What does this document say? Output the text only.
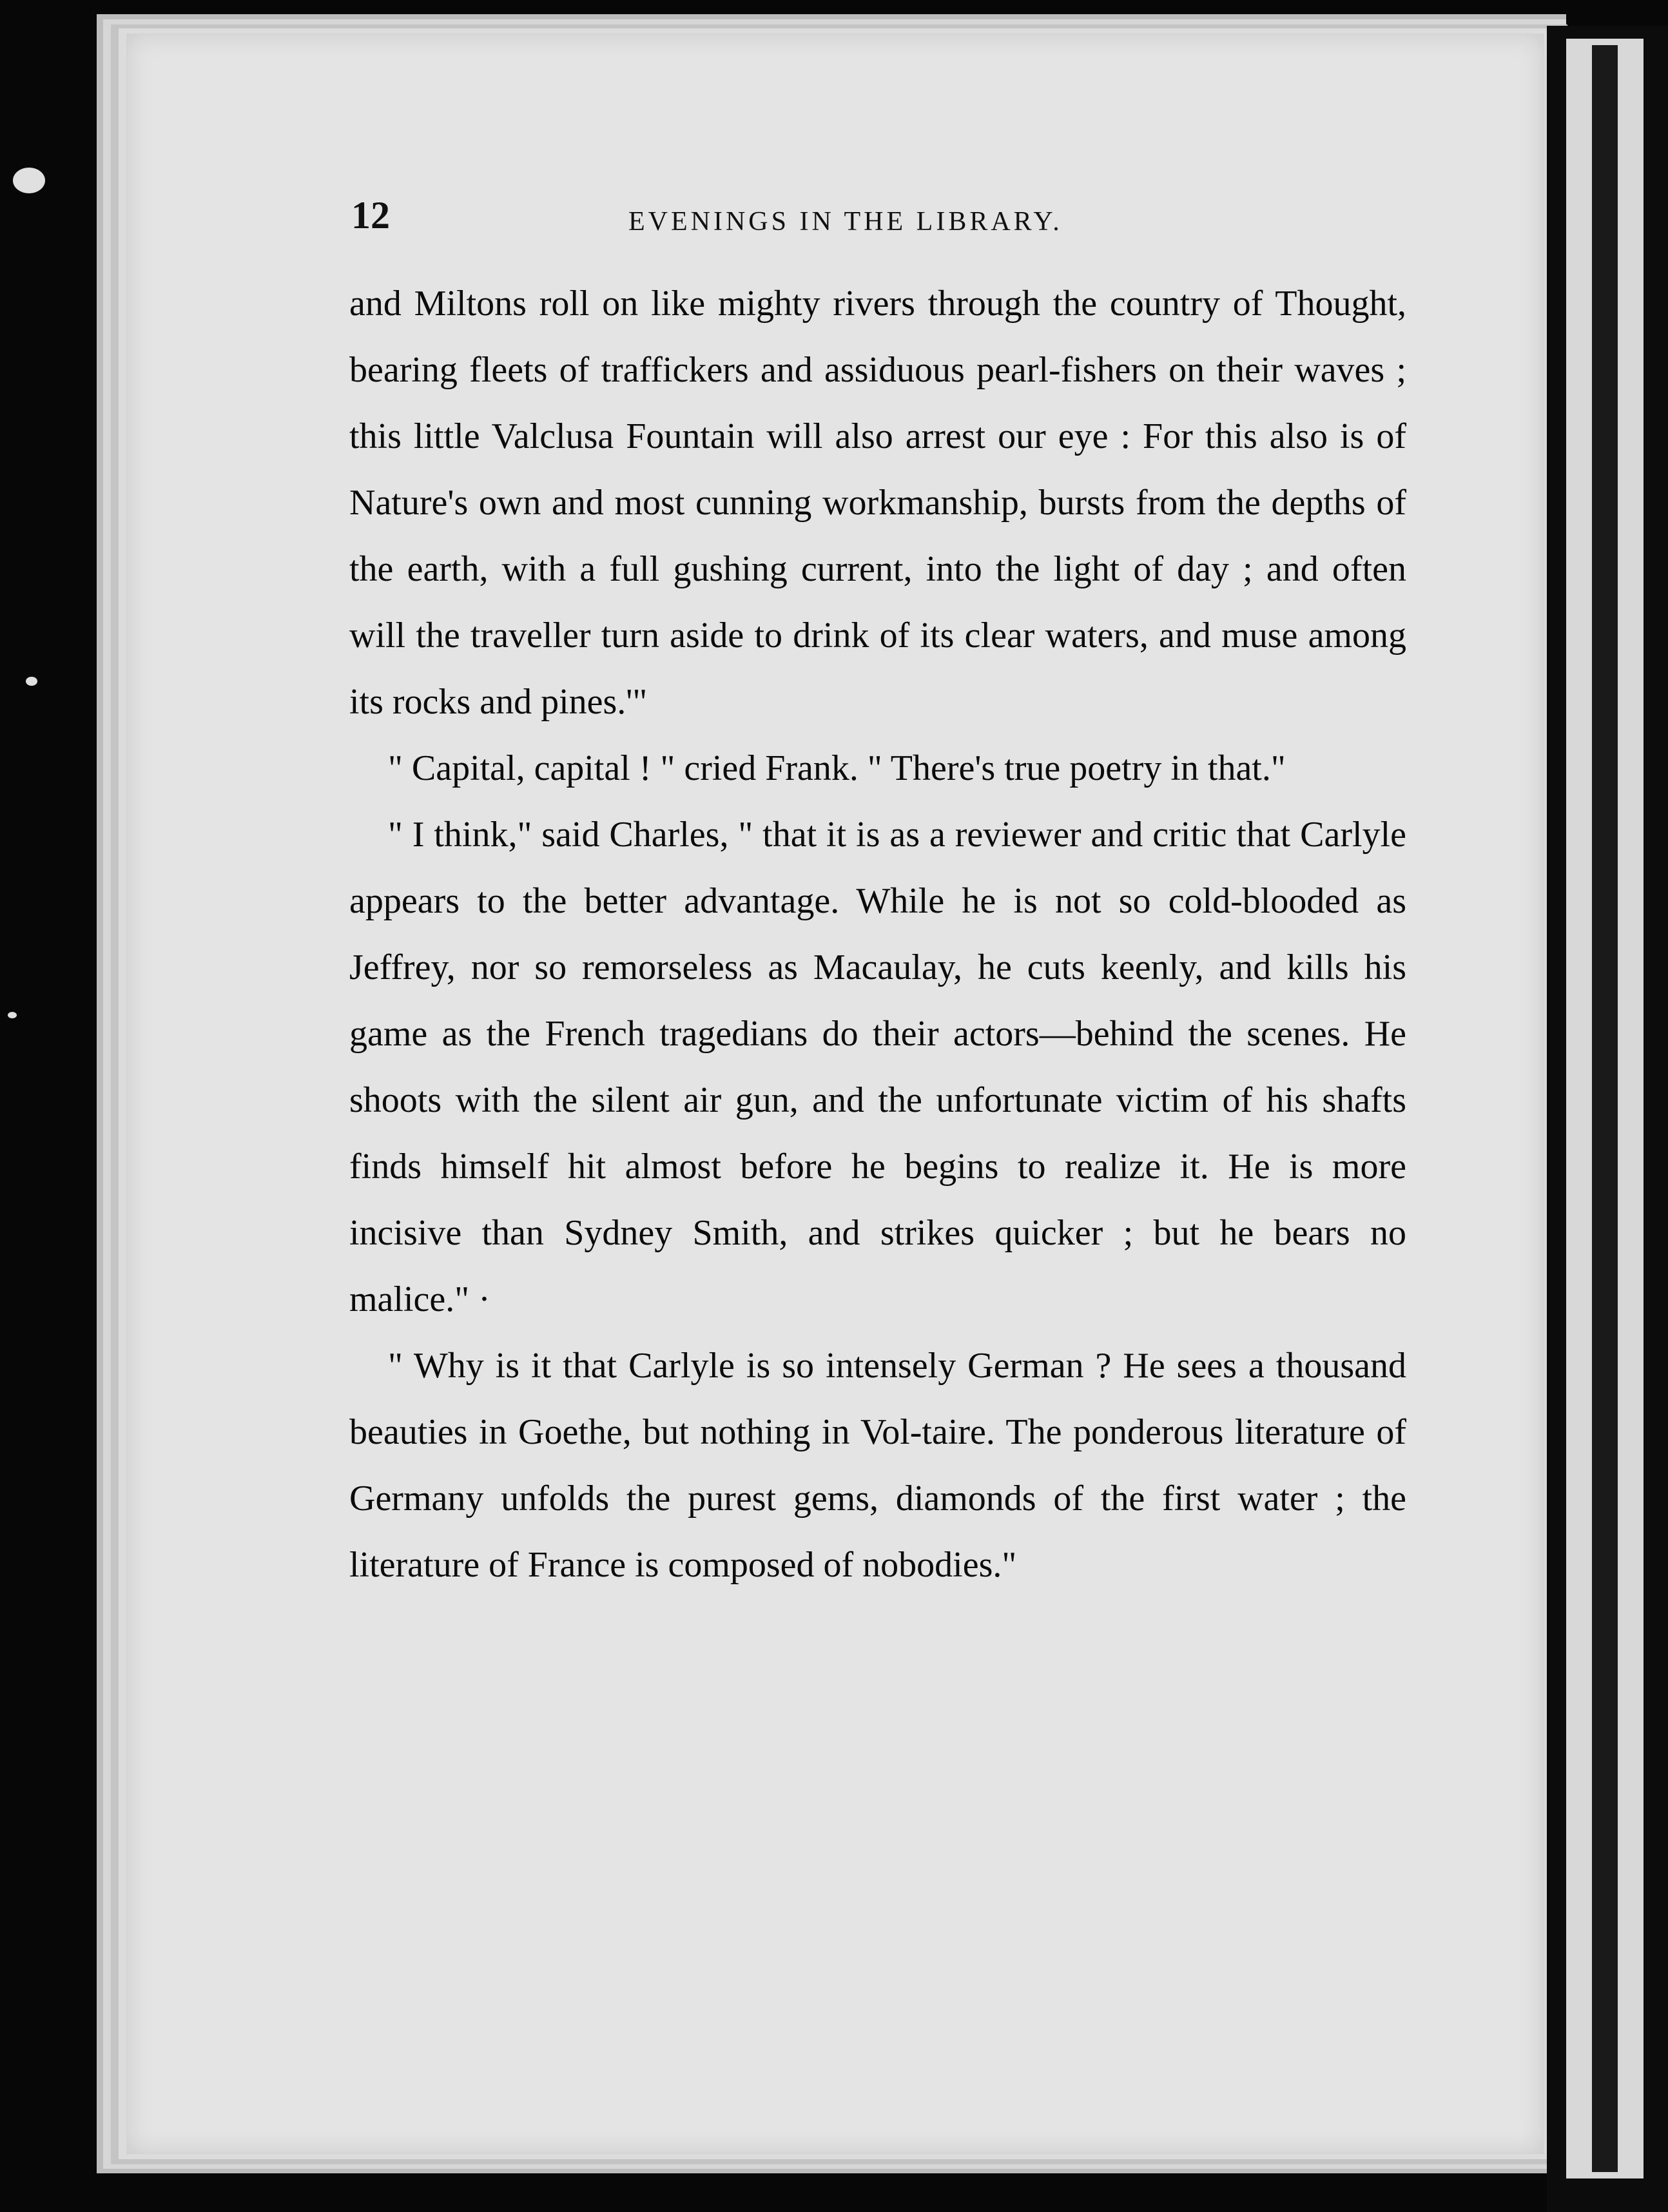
12	EVENINGS IN THE LIBRARY.

and Miltons roll on like mighty rivers through the country of Thought, bearing fleets of traffickers and assiduous pearl-fishers on their waves ; this little Valclusa Fountain will also arrest our eye : For this also is of Nature's own and most cunning workmanship, bursts from the depths of the earth, with a full gushing current, into the light of day ; and often will the traveller turn aside to drink of its clear waters, and muse among its rocks and pines.'"

" Capital, capital ! " cried Frank. " There's true poetry in that."

" I think," said Charles, " that it is as a reviewer and critic that Carlyle appears to the better advantage. While he is not so cold-blooded as Jeffrey, nor so remorseless as Macaulay, he cuts keenly, and kills his game as the French tragedians do their actors—behind the scenes. He shoots with the silent air gun, and the unfortunate victim of his shafts finds himself hit almost before he begins to realize it. He is more incisive than Sydney Smith, and strikes quicker ; but he bears no malice." ·

" Why is it that Carlyle is so intensely German ? He sees a thousand beauties in Goethe, but nothing in Vol-taire. The ponderous literature of Germany unfolds the purest gems, diamonds of the first water ; the literature of France is composed of nobodies."
